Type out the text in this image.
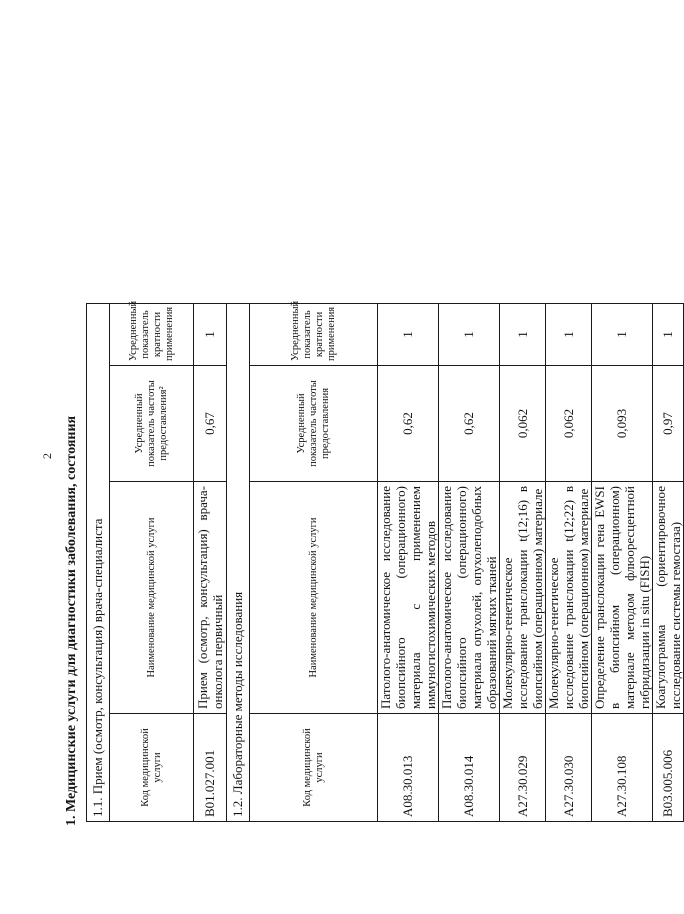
2 1. Медицинские услуги для диагностики заболевания, состояния 1.1. Прием (осмотр, консультация) врача-специалиста			
Код медицинской услуги	Наименование медицинской услуги	Усредненный показатель частоты предоставления²	Усредненный показатель кратности применения
B01.027.001	Прием (осмотр, консультация) врача-онколога первичный	0,67	1
1.2. Лабораторные методы исследования			
Код медицинской услуги	Наименование медицинской услуги	Усредненный показатель частоты предоставления	Усредненный показатель кратности применения
A08.30.013	Патолого-анатомическое исследование биопсийного (операционного) материала с применением иммуногистохимических методов	0,62	1
A08.30.014	Патолого-анатомическое исследование биопсийного (операционного) материала опухолей, опухолеподобных образований мягких тканей	0,62	1
A27.30.029	Молекулярно-генетическое исследование транслокации t(12;16) в биопсийном (операционном) материале	0,062	1
A27.30.030	Молекулярно-генетическое исследование транслокации t(12;22) в биопсийном (операционном) материале	0,062	1
A27.30.108	Определение транслокации гена EWSI в биопсийном (операционном) материале методом флюоресцентной гибридизации in situ (FISH)	0,093	1
B03.005.006	Коагулограмма (ориентировочное исследование системы гемостаза)	0,97	1
